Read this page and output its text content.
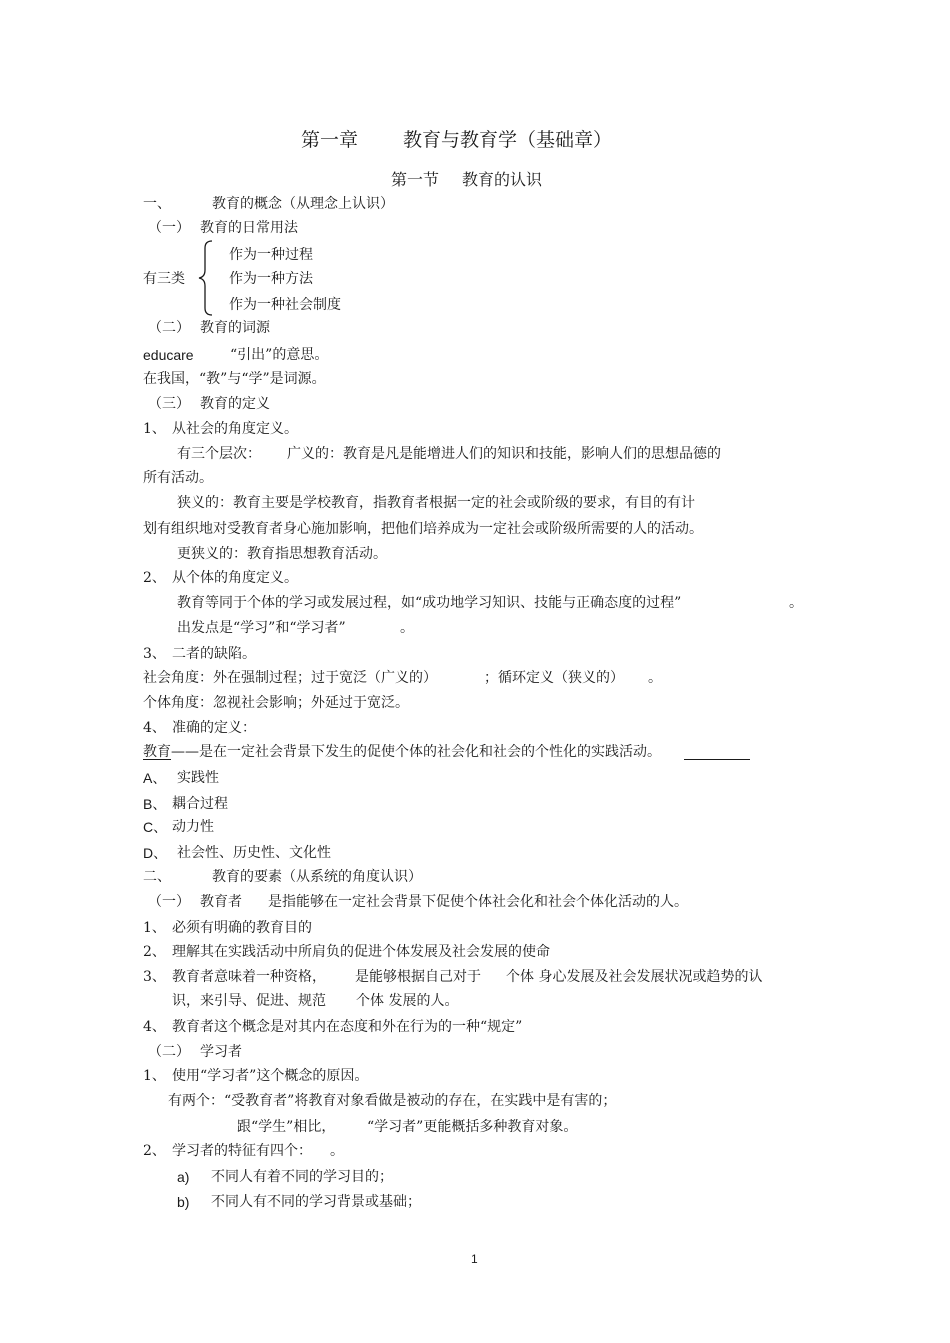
第一章 教育与教育学（基础章）
第一节 教育的认识
一、	教育的概念（从理念上认识）
（一） 教育的日常用法
有三类
作为一种过程
作为一种方法
作为一种社会制度
（二） 教育的词源
educare	“引出”的意思。
在我国，“教”与“学”是词源。
（三） 教育的定义
1、 从社会的角度定义。
有三个层次： 广义的：教育是凡是能增进人们的知识和技能，影响人们的思想品德的
所有活动。
狭义的：教育主要是学校教育，指教育者根据一定的社会或阶级的要求，有目的有计
划有组织地对受教育者身心施加影响，把他们培养成为一定社会或阶级所需要的人的活动。
更狭义的：教育指思想教育活动。
2、 从个体的角度定义。
教育等同于个体的学习或发展过程，如“成功地学习知识、技能与正确态度的过程”	。
出发点是“学习”和“学习者”	。
3、 二者的缺陷。
社会角度：外在强制过程；过于宽泛（广义的）	；循环定义（狭义的） 。
个体角度：忽视社会影响；外延过于宽泛。
4、 准确的定义：
教育——是在一定社会背景下发生的促使个体的社会化和社会的个性化的实践活动。
A、 实践性
B、 耦合过程
C、 动力性
D、 社会性、历史性、文化性
二、	教育的要素（从系统的角度认识）
（一） 教育者 是指能够在一定社会背景下促使个体社会化和社会个体化活动的人。
1、 必须有明确的教育目的
2、 理解其在实践活动中所肩负的促进个体发展及社会发展的使命
3、 教育者意味着一种资格， 是能够根据自己对于 个体 身心发展及社会发展状况或趋势的认
识，来引导、促进、规范 个体 发展的人。
4、 教育者这个概念是对其内在态度和外在行为的一种“规定”
（二） 学习者
1、 使用“学习者”这个概念的原因。
有两个：“受教育者”将教育对象看做是被动的存在，在实践中是有害的；
跟“学生”相比， “学习者”更能概括多种教育对象。
2、 学习者的特征有四个： 。
a) 不同人有着不同的学习目的；
b) 不同人有不同的学习背景或基础；
1
